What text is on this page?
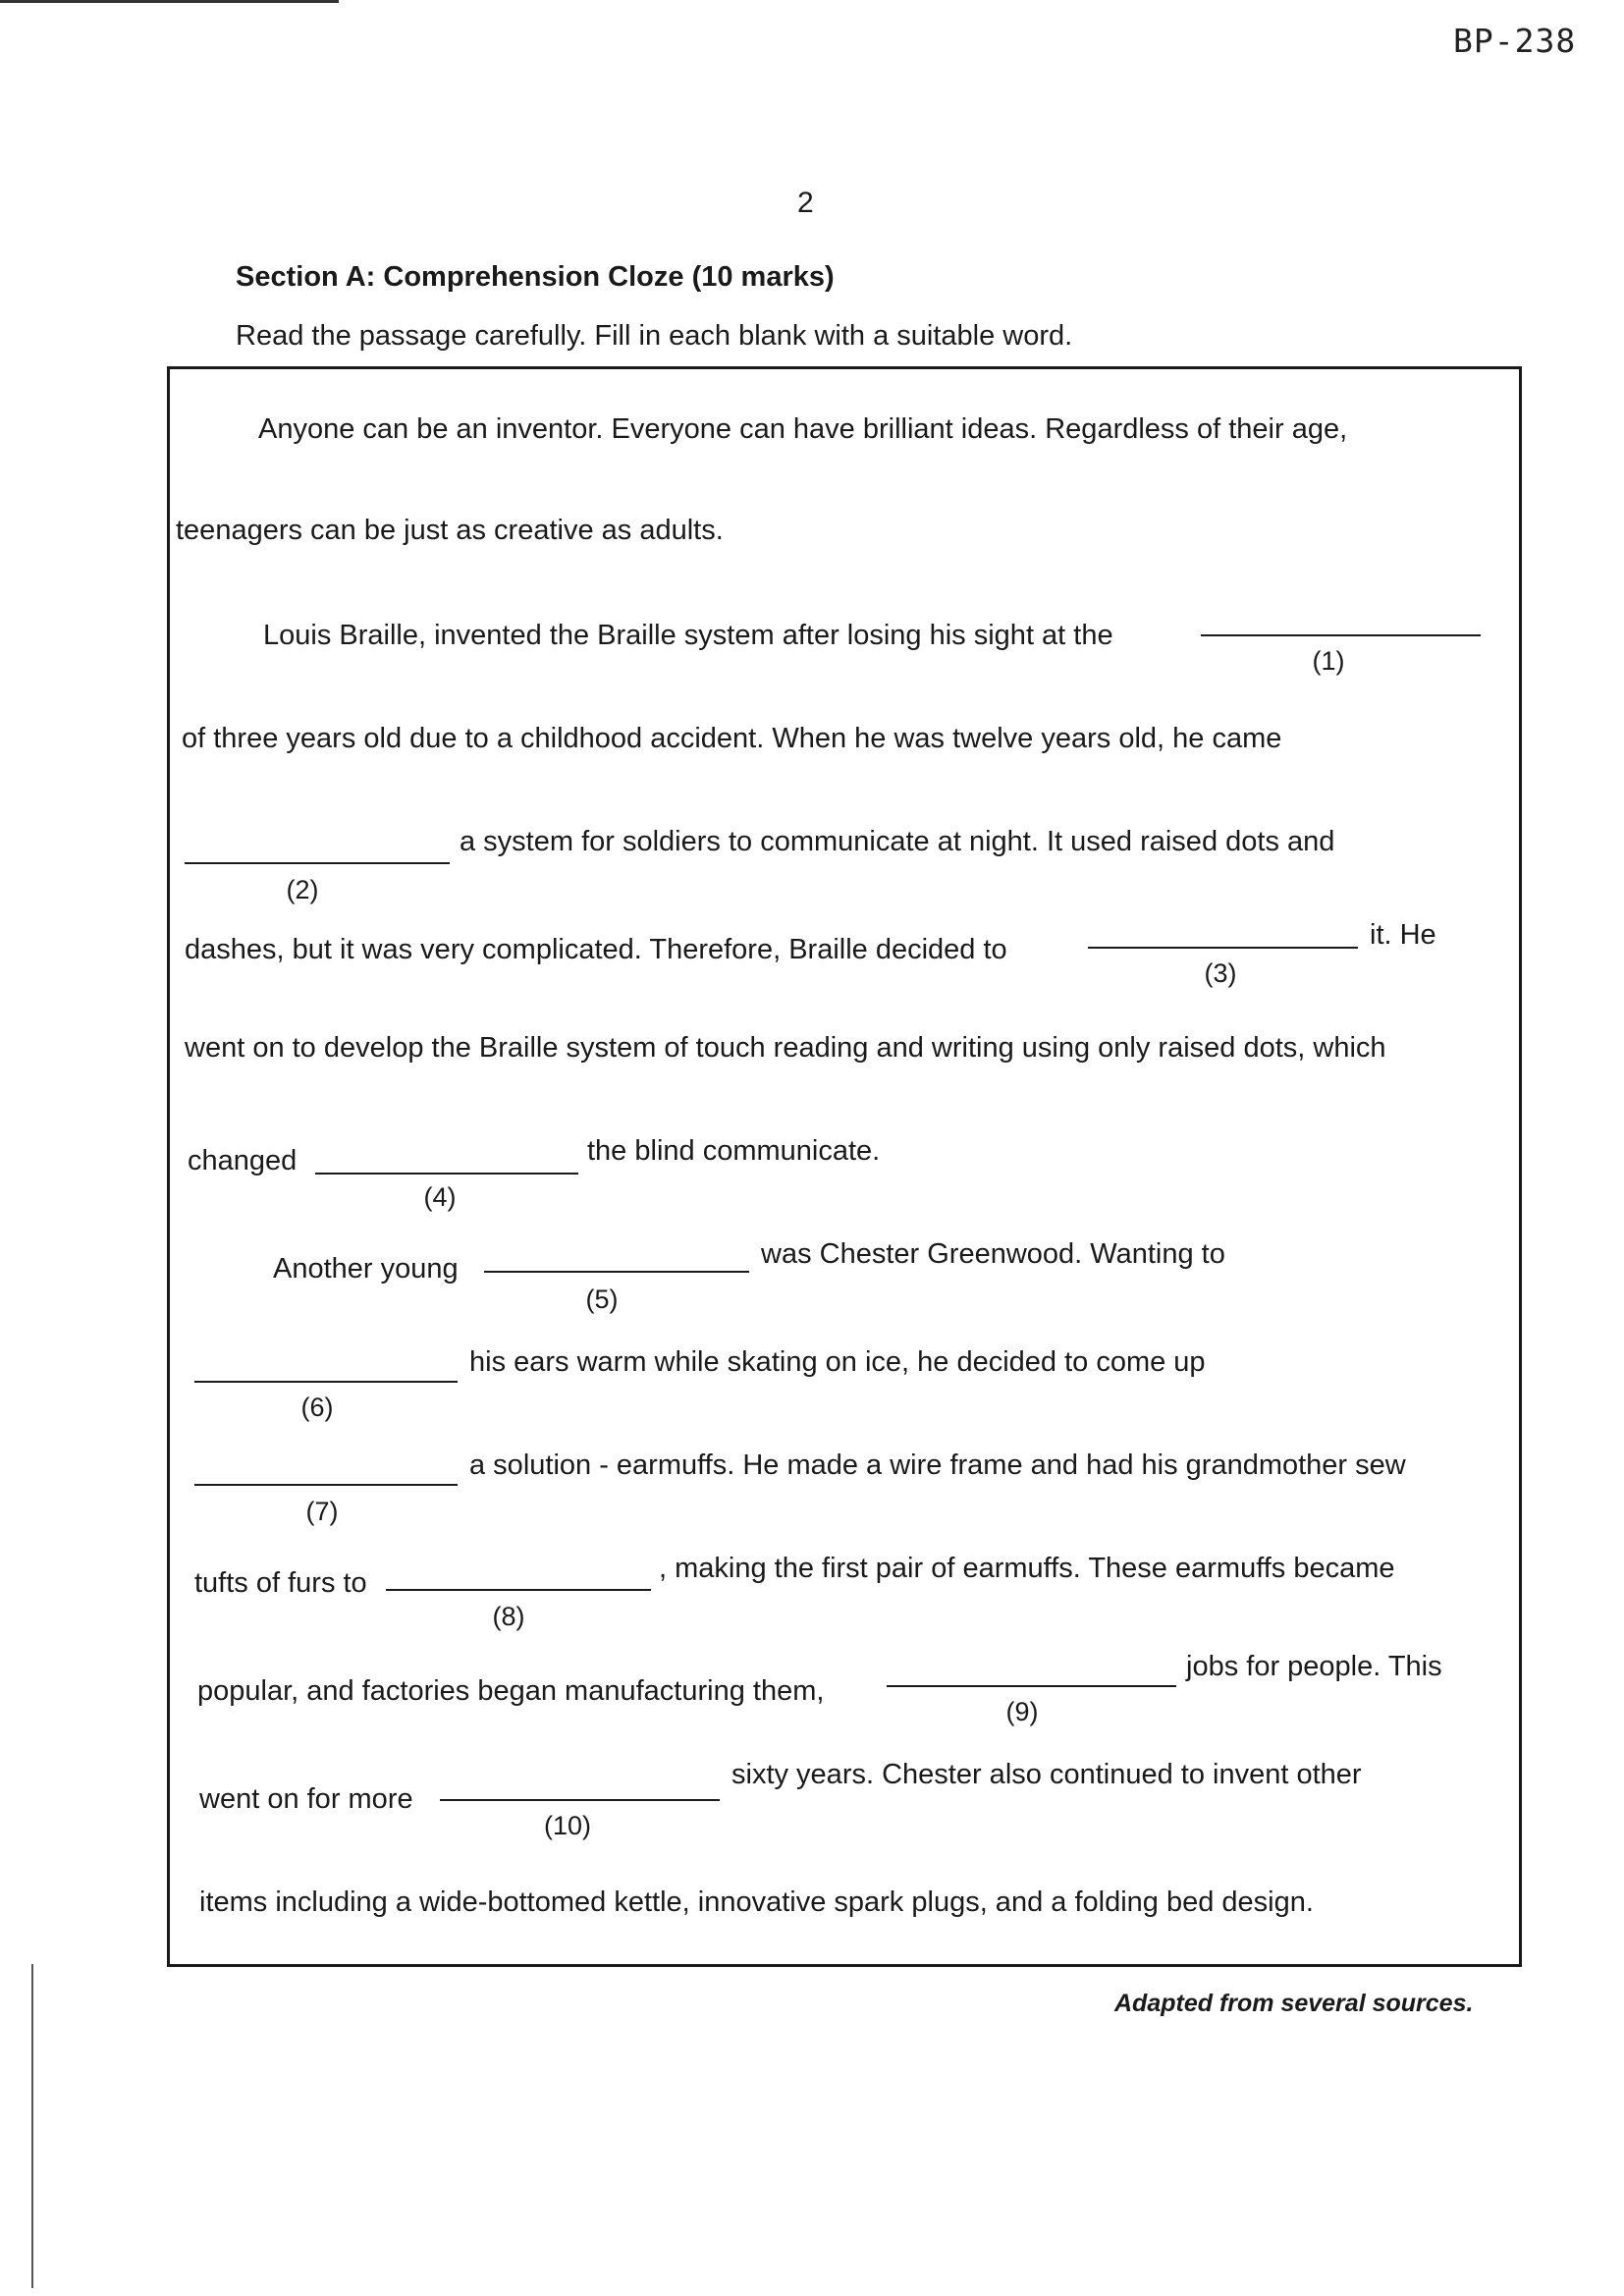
BP-238
2
Section A: Comprehension Cloze (10 marks)
Read the passage carefully. Fill in each blank with a suitable word.
Anyone can be an inventor. Everyone can have brilliant ideas. Regardless of their age,
teenagers can be just as creative as adults.
Louis Braille, invented the Braille system after losing his sight at the
(1)
of three years old due to a childhood accident. When he was twelve years old, he came
(2)
a system for soldiers to communicate at night. It used raised dots and
dashes, but it was very complicated. Therefore, Braille decided to
(3)
it. He
went on to develop the Braille system of touch reading and writing using only raised dots, which
changed
(4)
the blind communicate.
Another young
(5)
was Chester Greenwood. Wanting to
(6)
his ears warm while skating on ice, he decided to come up
(7)
a solution - earmuffs. He made a wire frame and had his grandmother sew
tufts of furs to
(8)
, making the first pair of earmuffs. These earmuffs became
popular, and factories began manufacturing them,
(9)
jobs for people. This
went on for more
(10)
sixty years. Chester also continued to invent other
items including a wide-bottomed kettle, innovative spark plugs, and a folding bed design.
Adapted from several sources.
